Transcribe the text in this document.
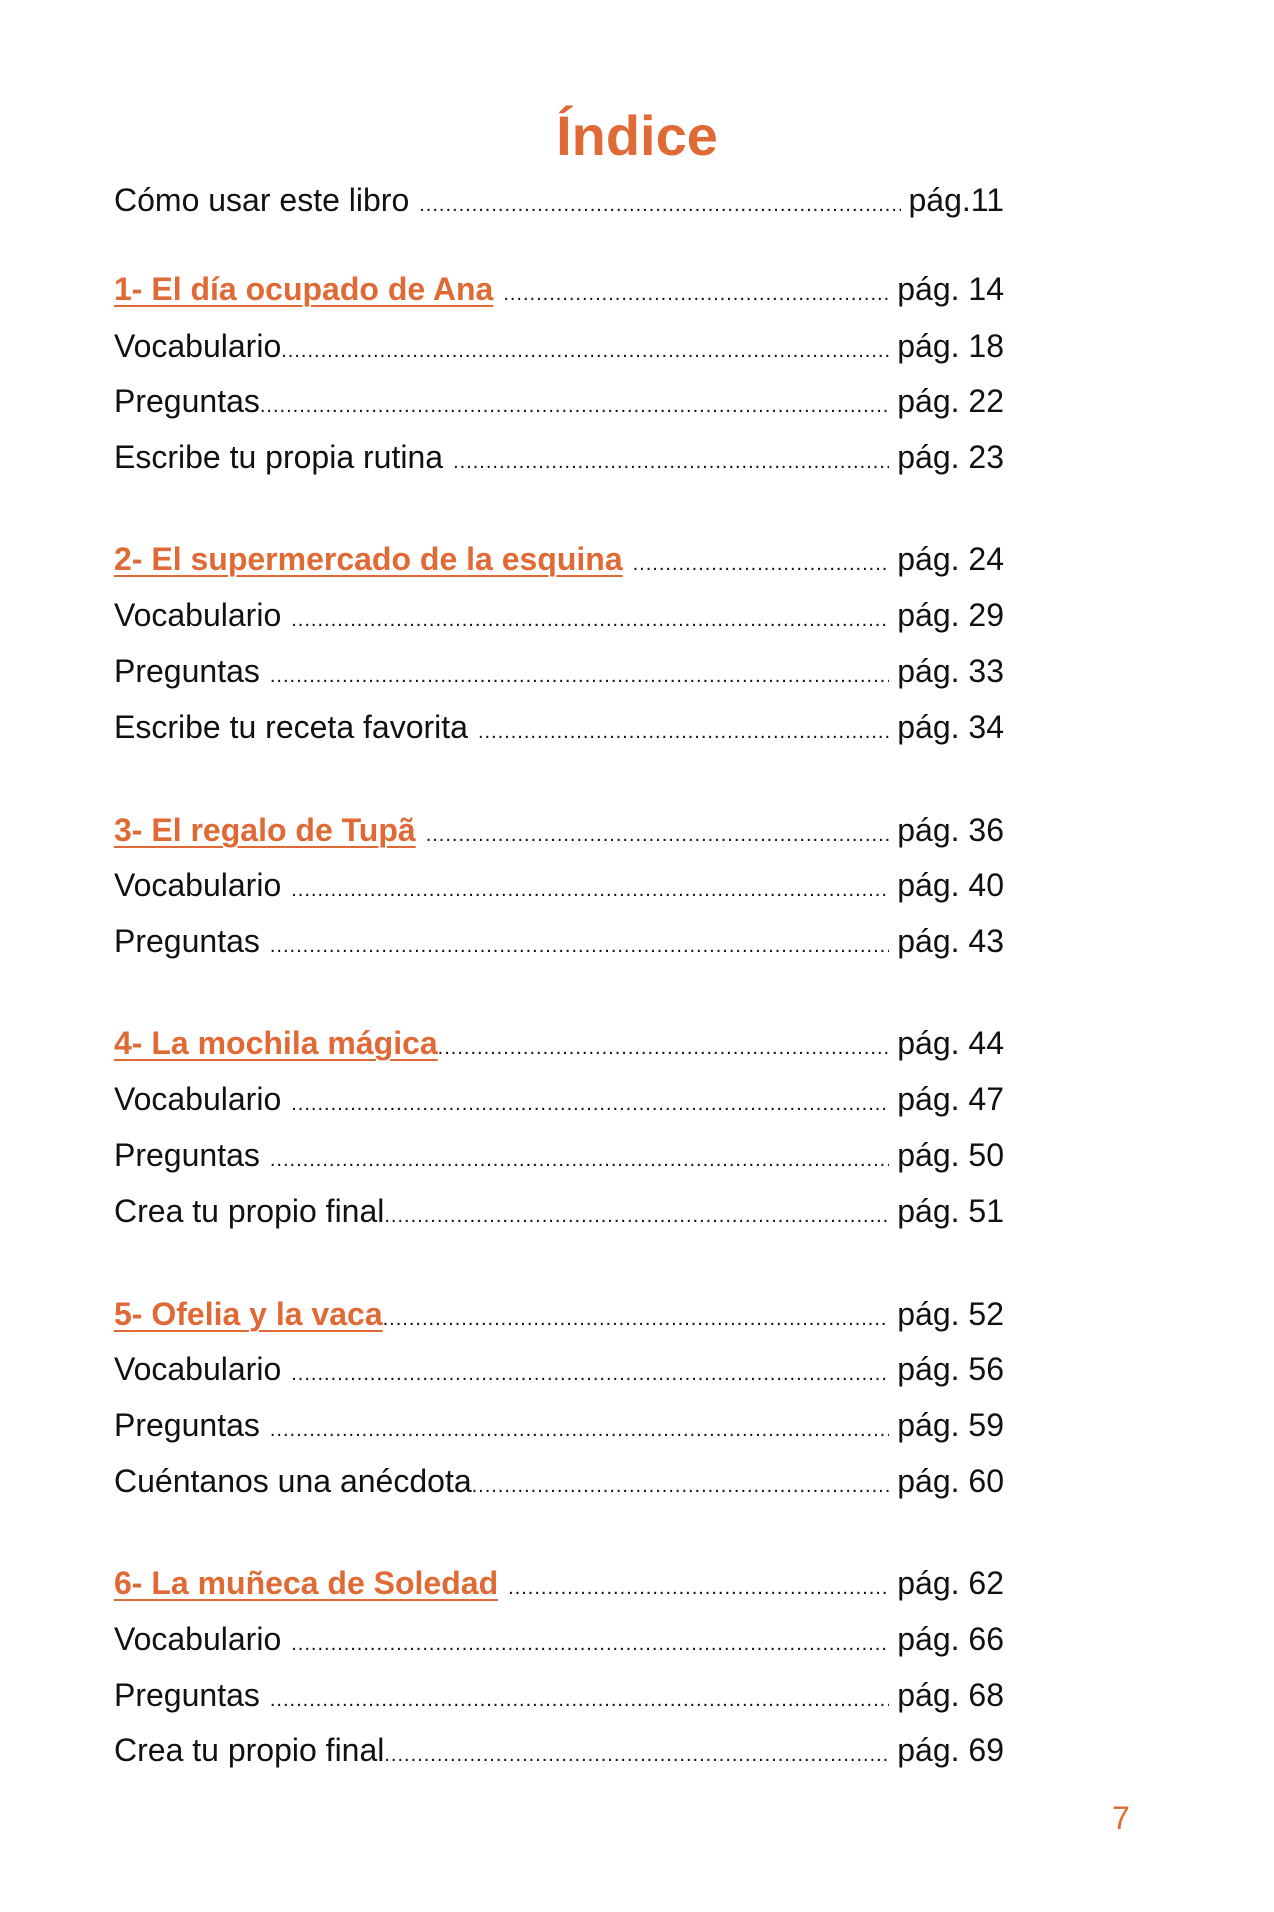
Índice
Cómo usar este libro .....	pág.11
1- El día ocupado de Ana .....	pág. 14
Vocabulario .....	pág. 18
Preguntas .....	pág. 22
Escribe tu propia rutina .....	pág. 23
2- El supermercado de la esquina .....	pág. 24
Vocabulario .....	pág. 29
Preguntas .....	pág. 33
Escribe tu receta favorita .....	pág. 34
3- El regalo de Tupã .....	pág. 36
Vocabulario .....	pág. 40
Preguntas .....	pág. 43
4- La mochila mágica .....	pág. 44
Vocabulario .....	pág. 47
Preguntas .....	pág. 50
Crea tu propio final .....	pág. 51
5- Ofelia y la vaca .....	pág. 52
Vocabulario .....	pág. 56
Preguntas .....	pág. 59
Cuéntanos una anécdota .....	pág. 60
6- La muñeca de Soledad .....	pág. 62
Vocabulario .....	pág. 66
Preguntas .....	pág. 68
Crea tu propio final .....	pág. 69
7
